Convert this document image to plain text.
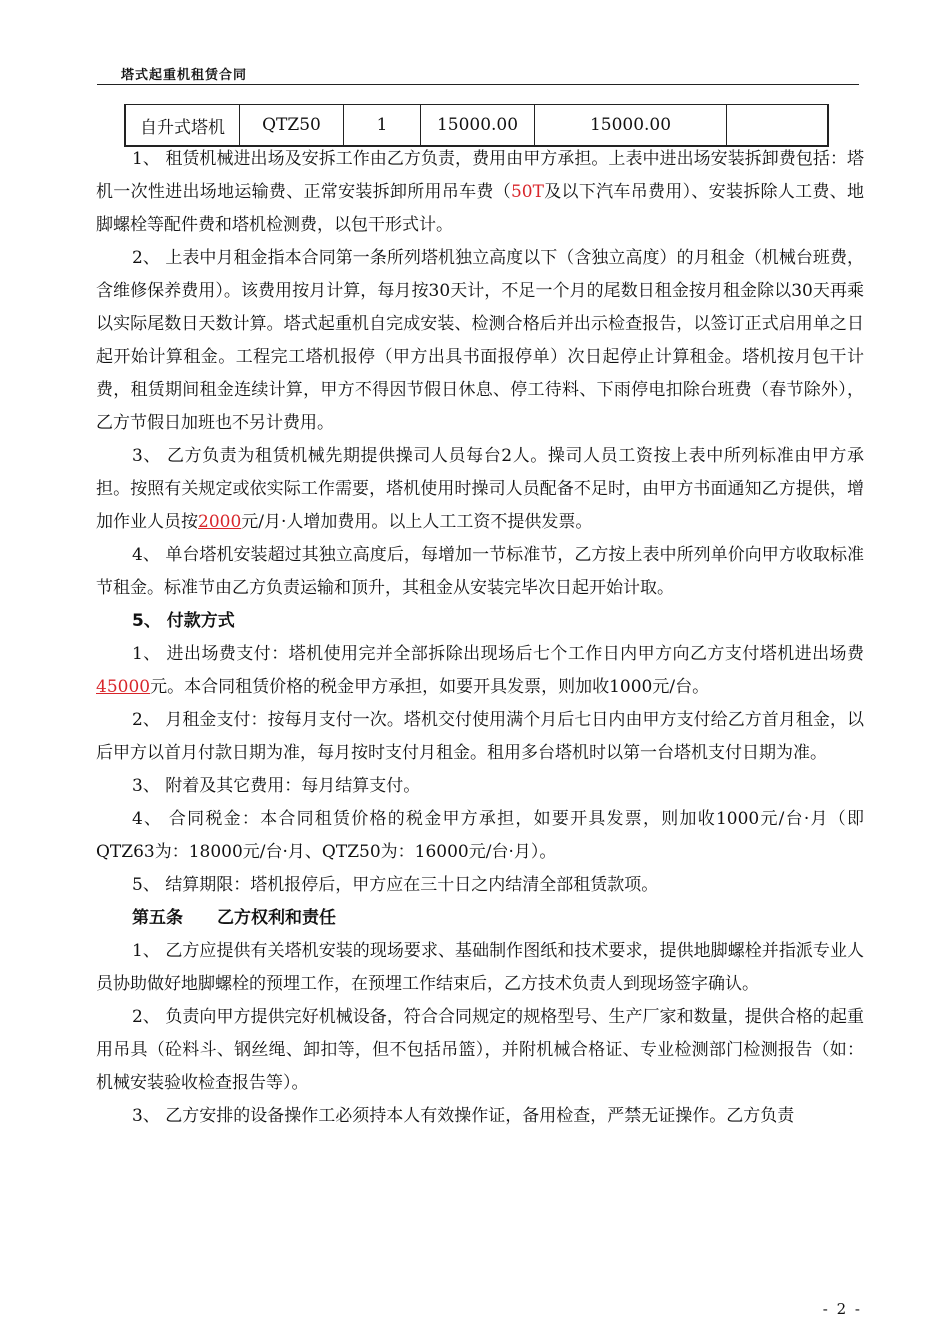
塔式起重机租赁合同
自升式塔机	QTZ50	1	15000.00	15000.00	

1、 租赁机械进出场及安拆工作由乙方负责，费用由甲方承担。上表中进出场安装拆卸费包括：塔机一次性进出场地运输费、正常安装拆卸所用吊车费（50T及以下汽车吊费用）、安装拆除人工费、地脚螺栓等配件费和塔机检测费，以包干形式计。

2、 上表中月租金指本合同第一条所列塔机独立高度以下（含独立高度）的月租金（机械台班费，含维修保养费用）。该费用按月计算，每月按30天计，不足一个月的尾数日租金按月租金除以30天再乘以实际尾数日天数计算。塔式起重机自完成安装、检测合格后并出示检查报告，以签订正式启用单之日起开始计算租金。工程完工塔机报停（甲方出具书面报停单）次日起停止计算租金。塔机按月包干计费，租赁期间租金连续计算，甲方不得因节假日休息、停工待料、下雨停电扣除台班费（春节除外），乙方节假日加班也不另计费用。

3、 乙方负责为租赁机械先期提供操司人员每台2人。操司人员工资按上表中所列标准由甲方承担。按照有关规定或依实际工作需要，塔机使用时操司人员配备不足时，由甲方书面通知乙方提供，增加作业人员按2000元/月·人增加费用。以上人工工资不提供发票。

4、 单台塔机安装超过其独立高度后，每增加一节标准节，乙方按上表中所列单价向甲方收取标准节租金。标准节由乙方负责运输和顶升，其租金从安装完毕次日起开始计取。

5、 付款方式

1、 进出场费支付：塔机使用完并全部拆除出现场后七个工作日内甲方向乙方支付塔机进出场费45000元。本合同租赁价格的税金甲方承担，如要开具发票，则加收1000元/台。

2、 月租金支付：按每月支付一次。塔机交付使用满个月后七日内由甲方支付给乙方首月租金，以后甲方以首月付款日期为准，每月按时支付月租金。租用多台塔机时以第一台塔机支付日期为准。

3、 附着及其它费用：每月结算支付。

4、 合同税金：本合同租赁价格的税金甲方承担，如要开具发票，则加收1000元/台·月（即QTZ63为：18000元/台·月、QTZ50为：16000元/台·月）。

5、 结算期限：塔机报停后，甲方应在三十日之内结清全部租赁款项。

第五条　　乙方权利和责任

1、 乙方应提供有关塔机安装的现场要求、基础制作图纸和技术要求，提供地脚螺栓并指派专业人员协助做好地脚螺栓的预埋工作，在预埋工作结束后，乙方技术负责人到现场签字确认。

2、 负责向甲方提供完好机械设备，符合合同规定的规格型号、生产厂家和数量，提供合格的起重用吊具（砼料斗、钢丝绳、卸扣等，但不包括吊篮），并附机械合格证、专业检测部门检测报告（如：机械安装验收检查报告等）。

3、 乙方安排的设备操作工必须持本人有效操作证，备用检查，严禁无证操作。乙方负责

- 2 -
